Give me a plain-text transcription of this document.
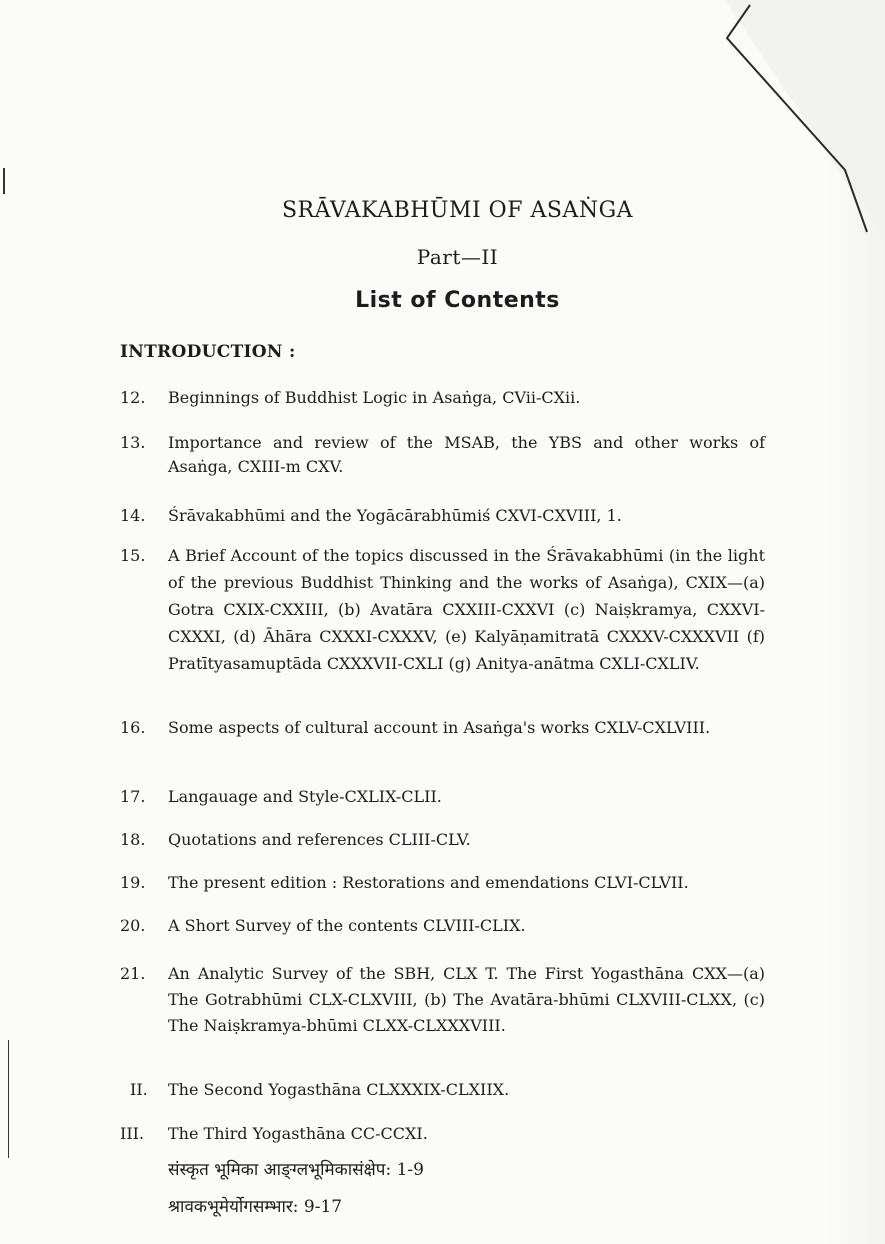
SRĀVAKABHŪMI OF ASAṄGA
Part—II
List of Contents
INTRODUCTION :
12.	Beginnings of Buddhist Logic in Asaṅga, CVii-CXii.
13.	Importance and review of the MSAB, the YBS and other works of Asaṅga, CXIII-m CXV.
14.	Śrāvakabhūmi and the Yogācārabhūmiś CXVI-CXVIII, 1.
15.	A Brief Account of the topics discussed in the Śrāvakabhūmi (in the light of the previous Buddhist Thinking and the works of Asaṅga), CXIX—(a) Gotra CXIX-CXXIII, (b) Avatāra CXXIII-CXXVI (c) Naiṣkramya, CXXVI-CXXXI, (d) Āhāra CXXXI-CXXXV, (e) Kalyāṇamitratā CXXXV-CXXXVII (f) Pratītyasamuptāda CXXXVII-CXLI (g) Anitya-anātma CXLI-CXLIV.
16.	Some aspects of cultural account in Asaṅga's works CXLV-CXLVIII.
17.	Langauage and Style-CXLIX-CLII.
18.	Quotations and references CLIII-CLV.
19.	The present edition : Restorations and emendations CLVI-CLVII.
20.	A Short Survey of the contents CLVIII-CLIX.
21.	An Analytic Survey of the SBH, CLX T. The First Yogasthāna CXX—(a) The Gotrabhūmi CLX-CLXVIII, (b) The Avatāra-bhūmi CLXVIII-CLXX, (c) The Naiṣkramya-bhūmi CLXX-CLXXXVIII.
II.	The Second Yogasthāna CLXXXIX-CLXIIX.
III.	The Third Yogasthāna CC-CCXI.
संस्कृत भूमिका आङ्ग्लभूमिकासंक्षेप: 1-9
श्रावकभूमेर्योगसम्भार: 9-17
